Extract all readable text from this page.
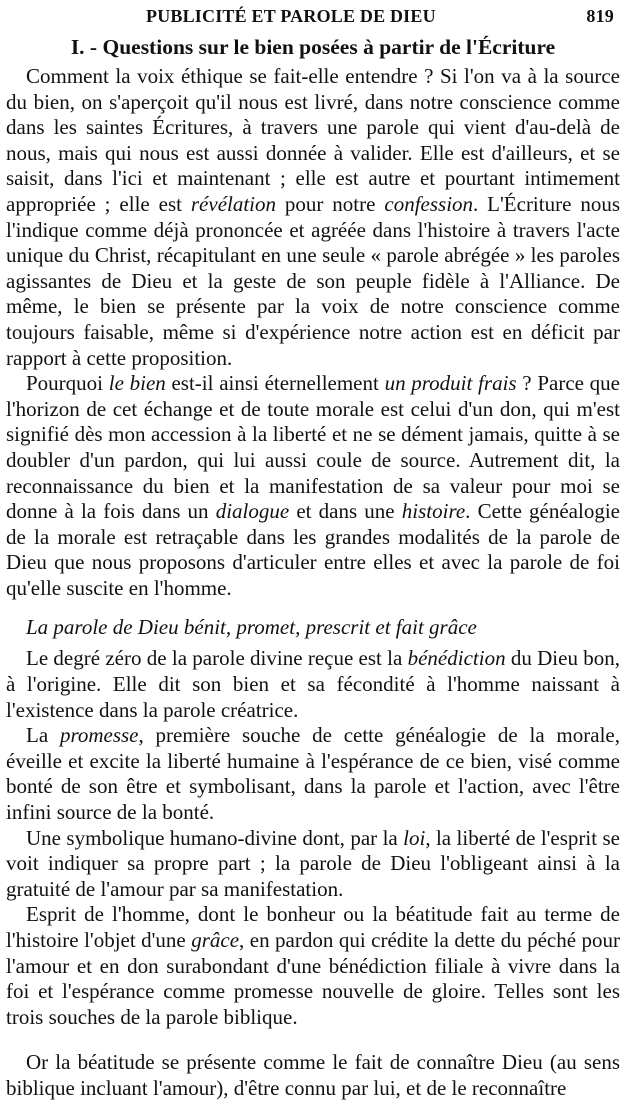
PUBLICITÉ ET PAROLE DE DIEU	819
I. - Questions sur le bien posées à partir de l'Écriture

Comment la voix éthique se fait-elle entendre ? Si l'on va à la source du bien, on s'aperçoit qu'il nous est livré, dans notre conscience comme dans les saintes Écritures, à travers une parole qui vient d'au-delà de nous, mais qui nous est aussi donnée à valider. Elle est d'ailleurs, et se saisit, dans l'ici et maintenant ; elle est autre et pourtant intimement appropriée ; elle est révélation pour notre confession. L'Écriture nous l'indique comme déjà prononcée et agréée dans l'histoire à travers l'acte unique du Christ, récapitulant en une seule « parole abrégée » les paroles agissantes de Dieu et la geste de son peuple fidèle à l'Alliance. De même, le bien se présente par la voix de notre conscience comme toujours faisable, même si d'expérience notre action est en déficit par rapport à cette proposition.

Pourquoi le bien est-il ainsi éternellement un produit frais ? Parce que l'horizon de cet échange et de toute morale est celui d'un don, qui m'est signifié dès mon accession à la liberté et ne se dément jamais, quitte à se doubler d'un pardon, qui lui aussi coule de source. Autrement dit, la reconnaissance du bien et la manifestation de sa valeur pour moi se donne à la fois dans un dialogue et dans une histoire. Cette généalogie de la morale est retraçable dans les grandes modalités de la parole de Dieu que nous proposons d'articuler entre elles et avec la parole de foi qu'elle suscite en l'homme.

La parole de Dieu bénit, promet, prescrit et fait grâce

Le degré zéro de la parole divine reçue est la bénédiction du Dieu bon, à l'origine. Elle dit son bien et sa fécondité à l'homme naissant à l'existence dans la parole créatrice.

La promesse, première souche de cette généalogie de la morale, éveille et excite la liberté humaine à l'espérance de ce bien, visé comme bonté de son être et symbolisant, dans la parole et l'action, avec l'être infini source de la bonté.

Une symbolique humano-divine dont, par la loi, la liberté de l'esprit se voit indiquer sa propre part ; la parole de Dieu l'obligeant ainsi à la gratuité de l'amour par sa manifestation.

Esprit de l'homme, dont le bonheur ou la béatitude fait au terme de l'histoire l'objet d'une grâce, en pardon qui crédite la dette du péché pour l'amour et en don surabondant d'une bénédiction filiale à vivre dans la foi et l'espérance comme promesse nouvelle de gloire. Telles sont les trois souches de la parole biblique.

Or la béatitude se présente comme le fait de connaître Dieu (au sens biblique incluant l'amour), d'être connu par lui, et de le reconnaître
